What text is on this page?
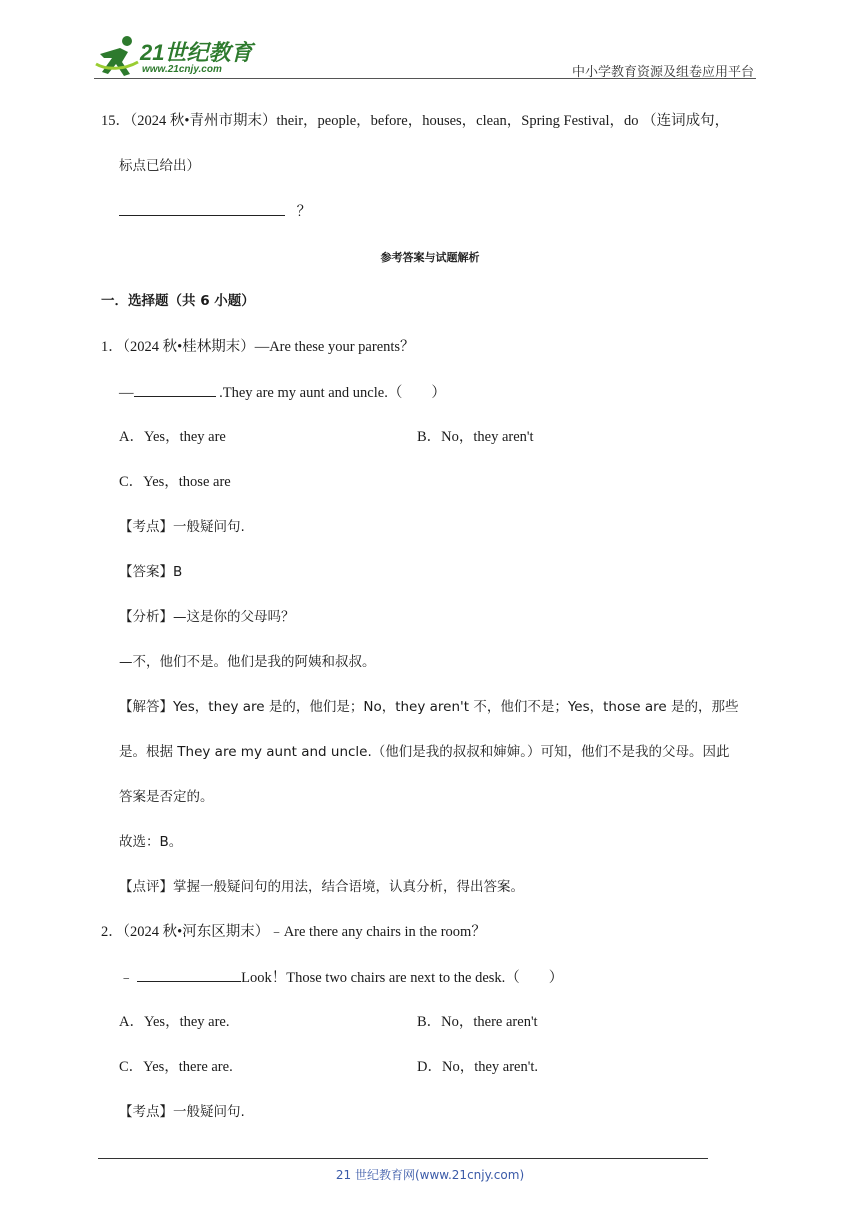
21世纪教育
www.21cnjy.com	中小学教育资源及组卷应用平台
15．（2024 秋•青州市期末）their，people，before，houses，clean，Spring Festival，do （连词成句，
标点已给出）
？
参考答案与试题解析
一．选择题（共 6 小题）
1．（2024 秋•桂林期末）—Are these your parents？
—	.They are my aunt and uncle.（　　）
A．Yes，they are	B．No，they aren't
C．Yes，those are
【考点】一般疑问句.
【答案】B
【分析】—这是你的父母吗？
—不，他们不是。他们是我的阿姨和叔叔。
【解答】Yes，they are 是的，他们是；No，they aren't 不，他们不是；Yes，those are 是的，那些
是。根据 They are my aunt and uncle.（他们是我的叔叔和婶婶。）可知，他们不是我的父母。因此
答案是否定的。
故选：B。
【点评】掌握一般疑问句的用法，结合语境，认真分析，得出答案。
2．（2024 秋•河东区期末）﹣Are there any chairs in the room？
﹣	Look！Those two chairs are next to the desk.（　　）
A．Yes，they are.	B．No，there aren't
C．Yes，there are.	D．No，they aren't.
【考点】一般疑问句.
21 世纪教育网(www.21cnjy.com)
